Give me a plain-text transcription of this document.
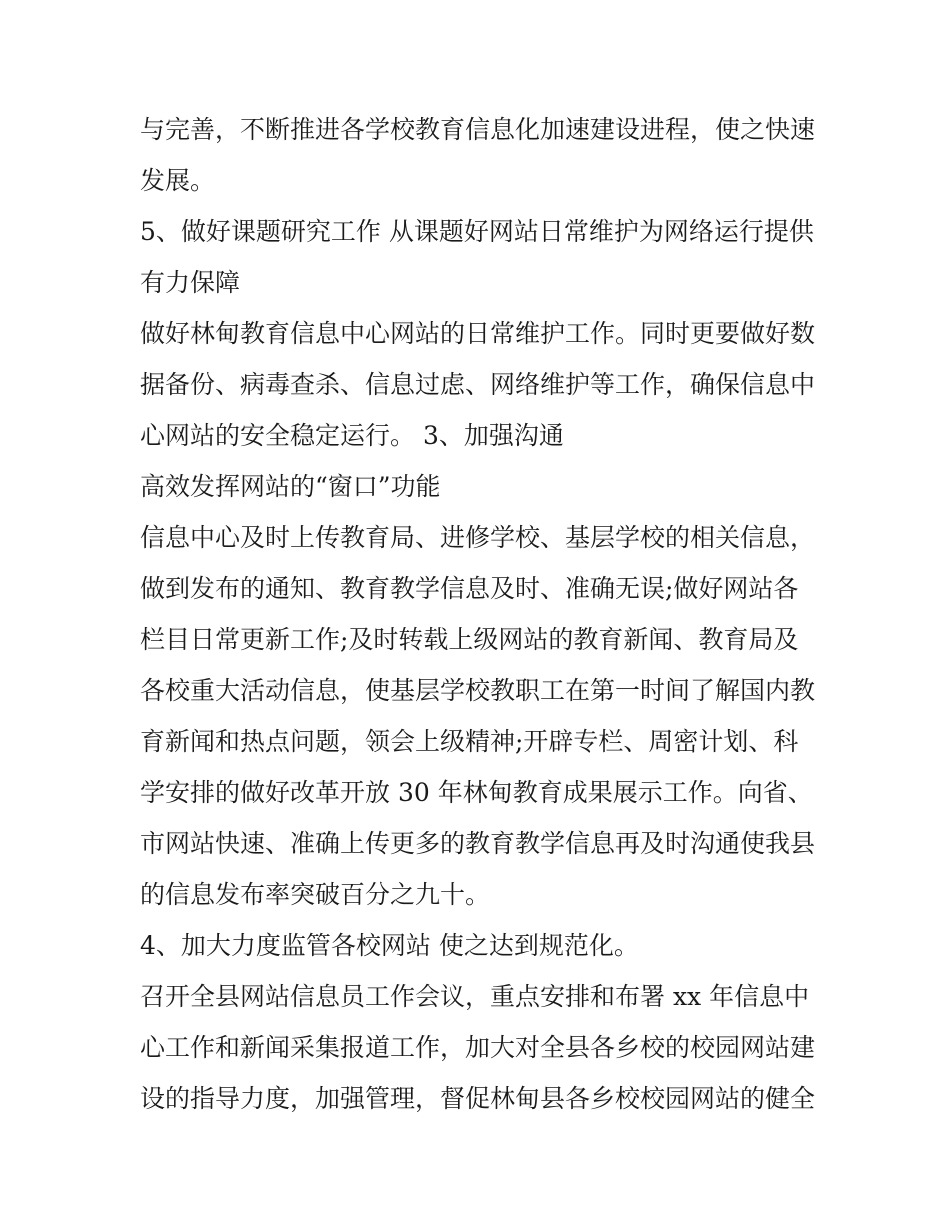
与完善，不断推进各学校教育信息化加速建设进程，使之快速
发展。
5、做好课题研究工作 从课题好网站日常维护为网络运行提供
有力保障
做好林甸教育信息中心网站的日常维护工作。同时更要做好数
据备份、病毒查杀、信息过虑、网络维护等工作，确保信息中
心网站的安全稳定运行。 3、加强沟通
高效发挥网站的“窗口”功能
信息中心及时上传教育局、进修学校、基层学校的相关信息，
做到发布的通知、教育教学信息及时、准确无误;做好网站各
栏目日常更新工作;及时转载上级网站的教育新闻、教育局及
各校重大活动信息，使基层学校教职工在第一时间了解国内教
育新闻和热点问题，领会上级精神;开辟专栏、周密计划、科
学安排的做好改革开放 30 年林甸教育成果展示工作。向省、
市网站快速、准确上传更多的教育教学信息再及时沟通使我县
的信息发布率突破百分之九十。
4、加大力度监管各校网站 使之达到规范化。
召开全县网站信息员工作会议，重点安排和布署 xx 年信息中
心工作和新闻采集报道工作，加大对全县各乡校的校园网站建
设的指导力度，加强管理，督促林甸县各乡校校园网站的健全
